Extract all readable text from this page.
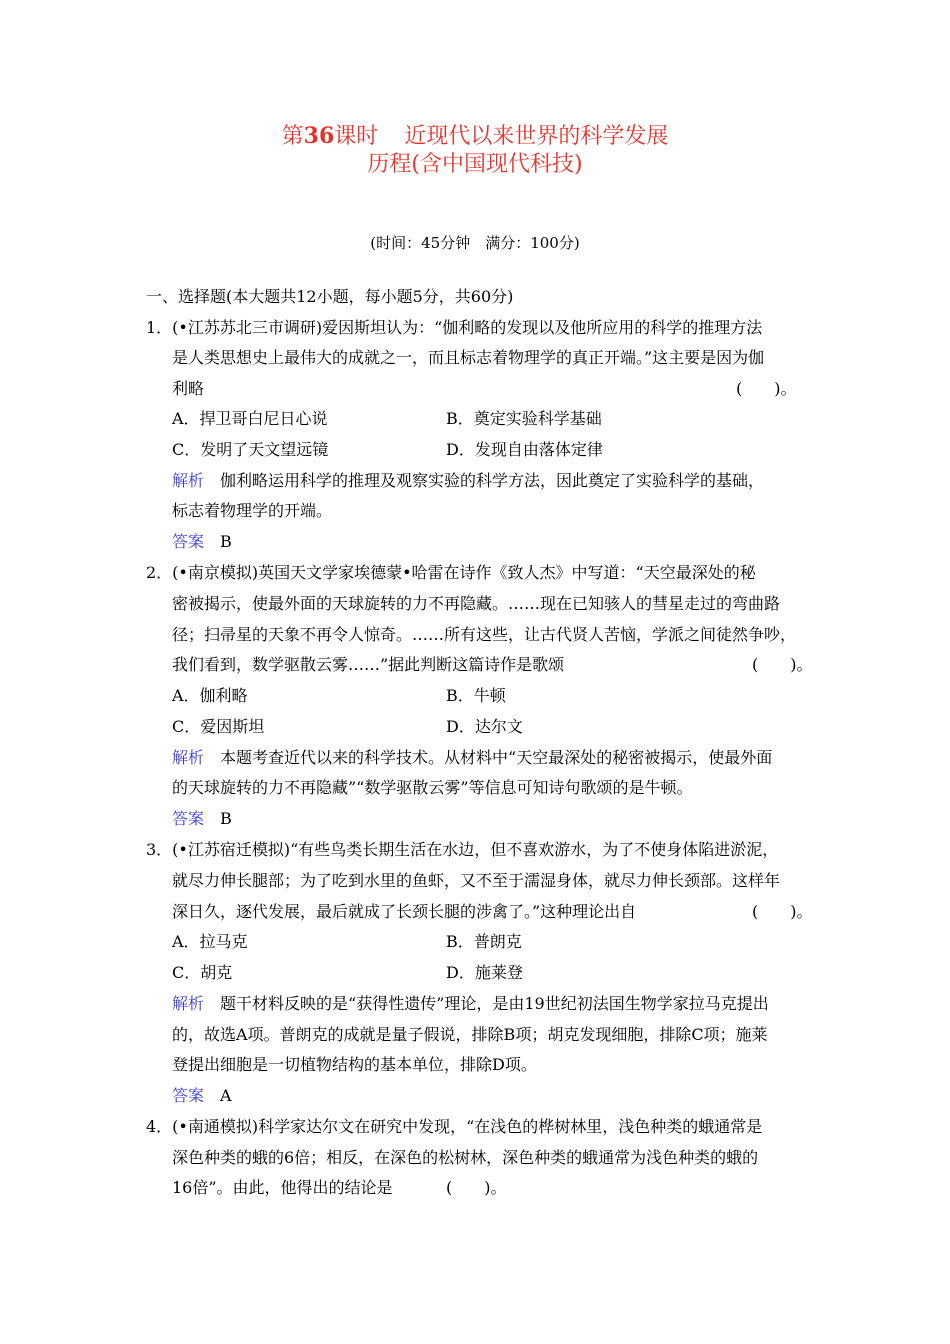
第36课时 近现代以来世界的科学发展
历程(含中国现代科技)
(时间：45分钟　满分：100分)
一、选择题(本大题共12小题，每小题5分，共60分)
1．(•江苏苏北三市调研)爱因斯坦认为：“伽利略的发现以及他所应用的科学的推理方法
是人类思想史上最伟大的成就之一，而且标志着物理学的真正开端。”这主要是因为伽
利略	(　　)。
A．捍卫哥白尼日心说	B．奠定实验科学基础
C．发明了天文望远镜	D．发现自由落体定律
解析 伽利略运用科学的推理及观察实验的科学方法，因此奠定了实验科学的基础，
标志着物理学的开端。
答案 B
2．(•南京模拟)英国天文学家埃德蒙•哈雷在诗作《致人杰》中写道：“天空最深处的秘
密被揭示，使最外面的天球旋转的力不再隐藏。……现在已知骇人的彗星走过的弯曲路
径；扫帚星的天象不再令人惊奇。……所有这些，让古代贤人苦恼，学派之间徒然争吵，
我们看到，数学驱散云雾……”据此判断这篇诗作是歌颂	(　　)。
A．伽利略	B．牛顿
C．爱因斯坦	D．达尔文
解析 本题考查近代以来的科学技术。从材料中“天空最深处的秘密被揭示，使最外面
的天球旋转的力不再隐藏”“数学驱散云雾”等信息可知诗句歌颂的是牛顿。
答案 B
3．(•江苏宿迁模拟)“有些鸟类长期生活在水边，但不喜欢游水，为了不使身体陷进淤泥，
就尽力伸长腿部；为了吃到水里的鱼虾，又不至于濡湿身体，就尽力伸长颈部。这样年
深日久，逐代发展，最后就成了长颈长腿的涉禽了。”这种理论出自	(　　)。
A．拉马克	B．普朗克
C．胡克	D．施莱登
解析 题干材料反映的是“获得性遗传”理论，是由19世纪初法国生物学家拉马克提出
的，故选A项。普朗克的成就是量子假说，排除B项；胡克发现细胞，排除C项；施莱
登提出细胞是一切植物结构的基本单位，排除D项。
答案 A
4．(•南通模拟)科学家达尔文在研究中发现，“在浅色的桦树林里，浅色种类的蛾通常是
深色种类的蛾的6倍；相反，在深色的松树林，深色种类的蛾通常为浅色种类的蛾的
16倍”。由此，他得出的结论是	(　　)。
